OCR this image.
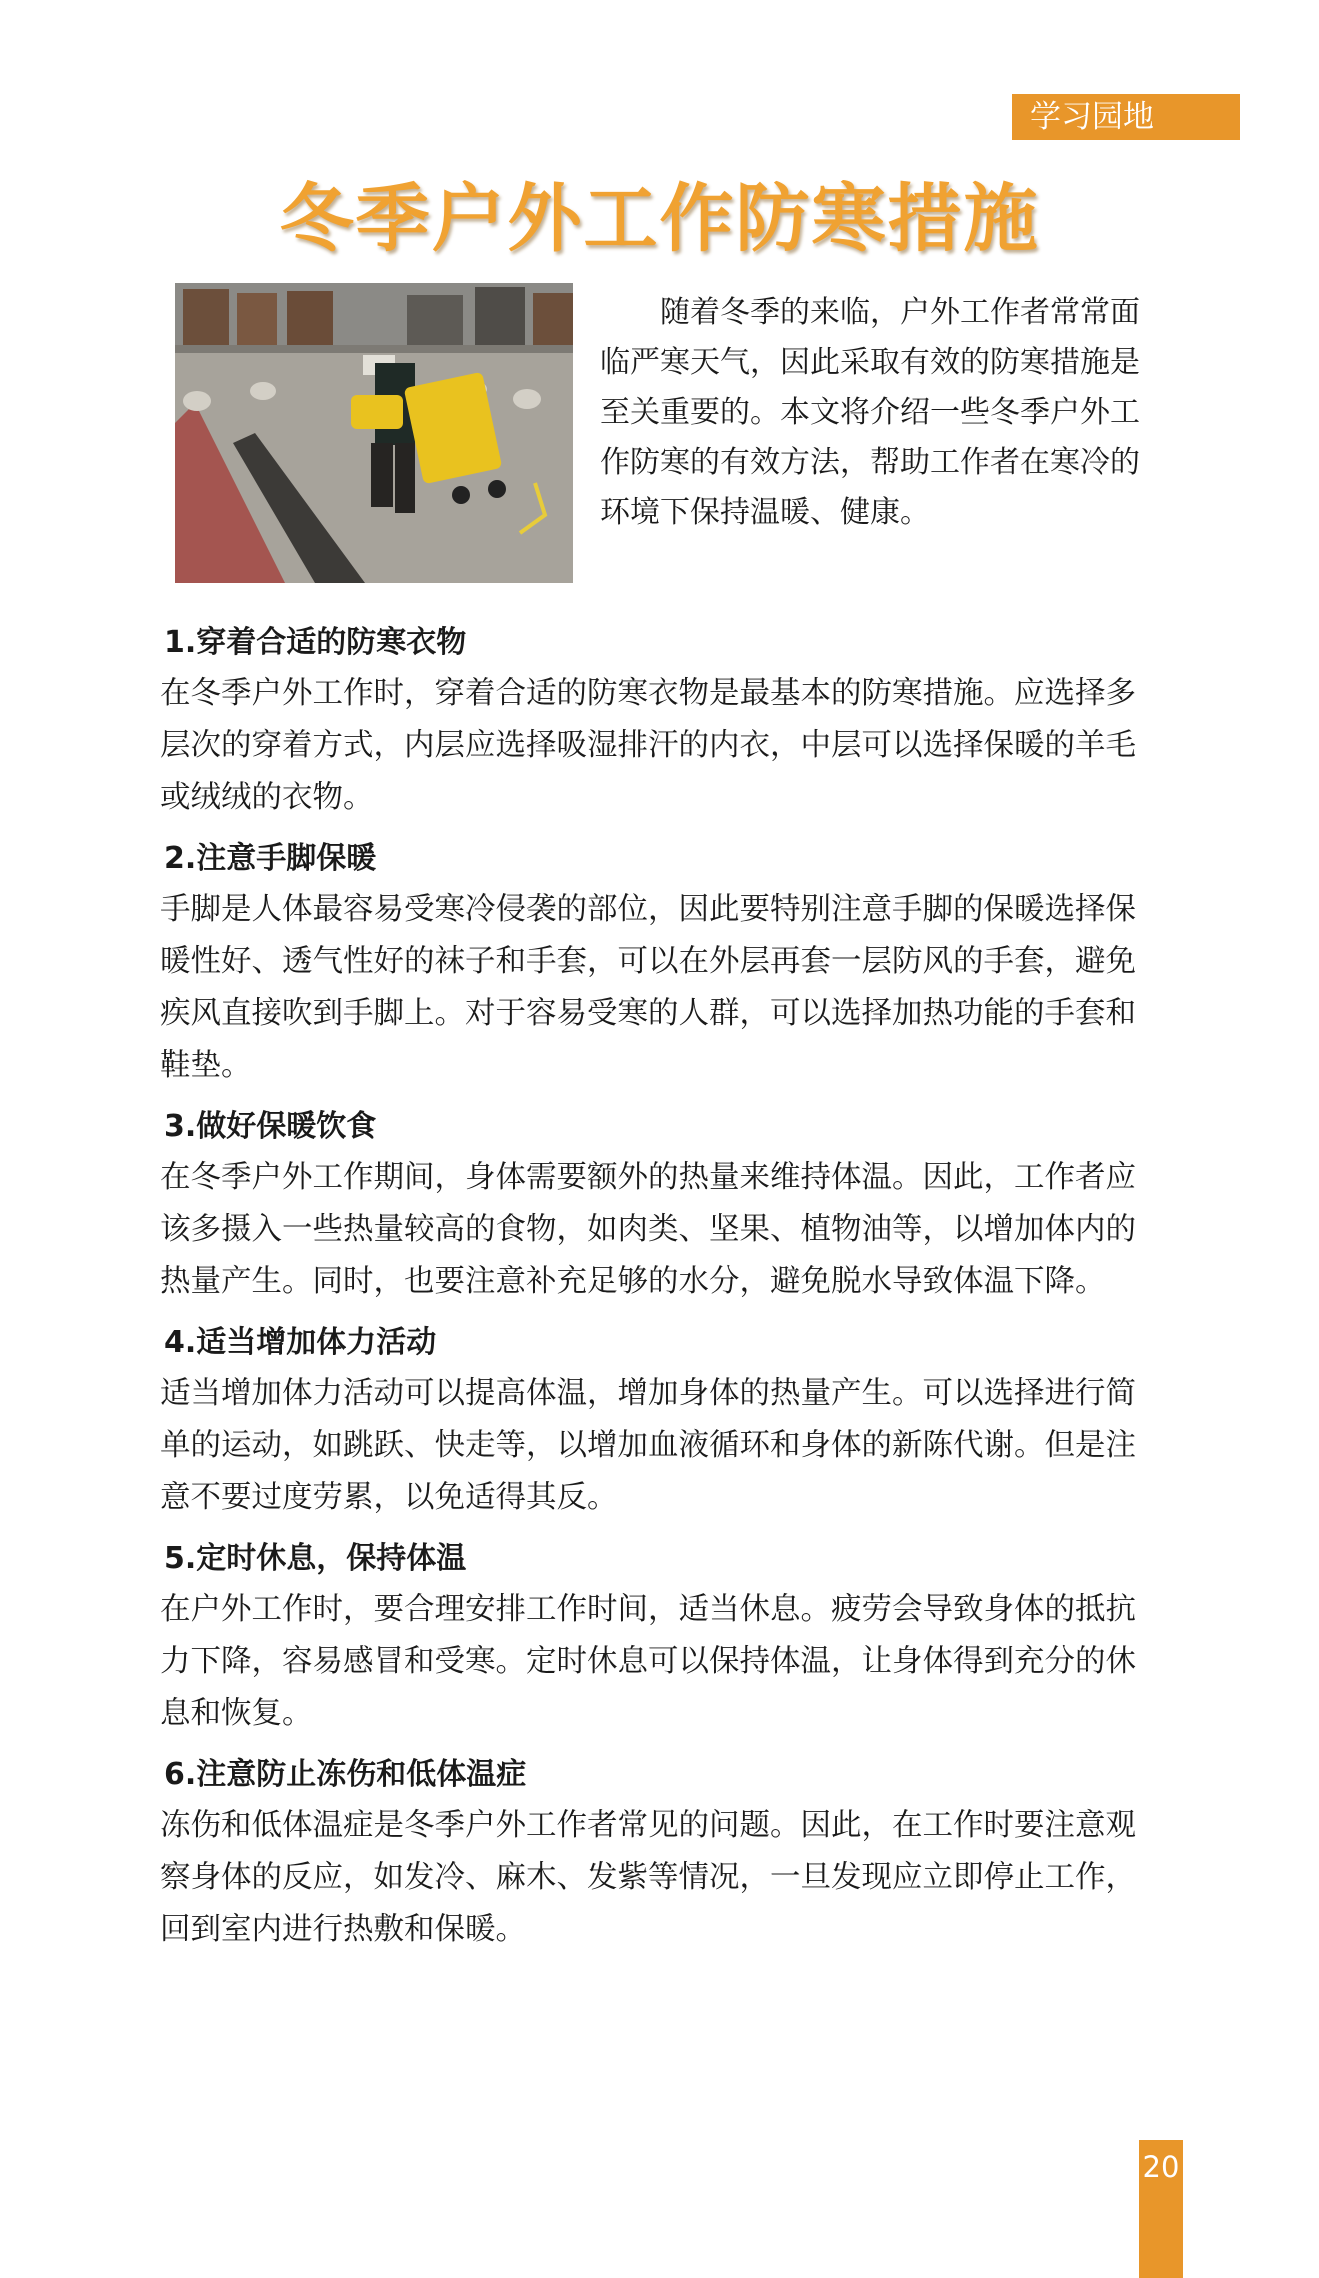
学习园地
冬季户外工作防寒措施

随着冬季的来临，户外工作者常常面临严寒天气，因此采取有效的防寒措施是至关重要的。本文将介绍一些冬季户外工作防寒的有效方法，帮助工作者在寒冷的环境下保持温暖、健康。

1.穿着合适的防寒衣物

在冬季户外工作时，穿着合适的防寒衣物是最基本的防寒措施。应选择多层次的穿着方式，内层应选择吸湿排汗的内衣，中层可以选择保暖的羊毛或绒绒的衣物。

2.注意手脚保暖

手脚是人体最容易受寒冷侵袭的部位，因此要特别注意手脚的保暖选择保暖性好、透气性好的袜子和手套，可以在外层再套一层防风的手套，避免疾风直接吹到手脚上。对于容易受寒的人群，可以选择加热功能的手套和鞋垫。

3.做好保暖饮食

在冬季户外工作期间，身体需要额外的热量来维持体温。因此，工作者应该多摄入一些热量较高的食物，如肉类、坚果、植物油等，以增加体内的热量产生。同时，也要注意补充足够的水分，避免脱水导致体温下降。

4.适当增加体力活动

适当增加体力活动可以提高体温，增加身体的热量产生。可以选择进行简单的运动，如跳跃、快走等，以增加血液循环和身体的新陈代谢。但是注意不要过度劳累，以免适得其反。

5.定时休息，保持体温

在户外工作时，要合理安排工作时间，适当休息。疲劳会导致身体的抵抗力下降，容易感冒和受寒。定时休息可以保持体温，让身体得到充分的休息和恢复。

6.注意防止冻伤和低体温症

冻伤和低体温症是冬季户外工作者常见的问题。因此，在工作时要注意观察身体的反应，如发冷、麻木、发紫等情况，一旦发现应立即停止工作，回到室内进行热敷和保暖。

20
